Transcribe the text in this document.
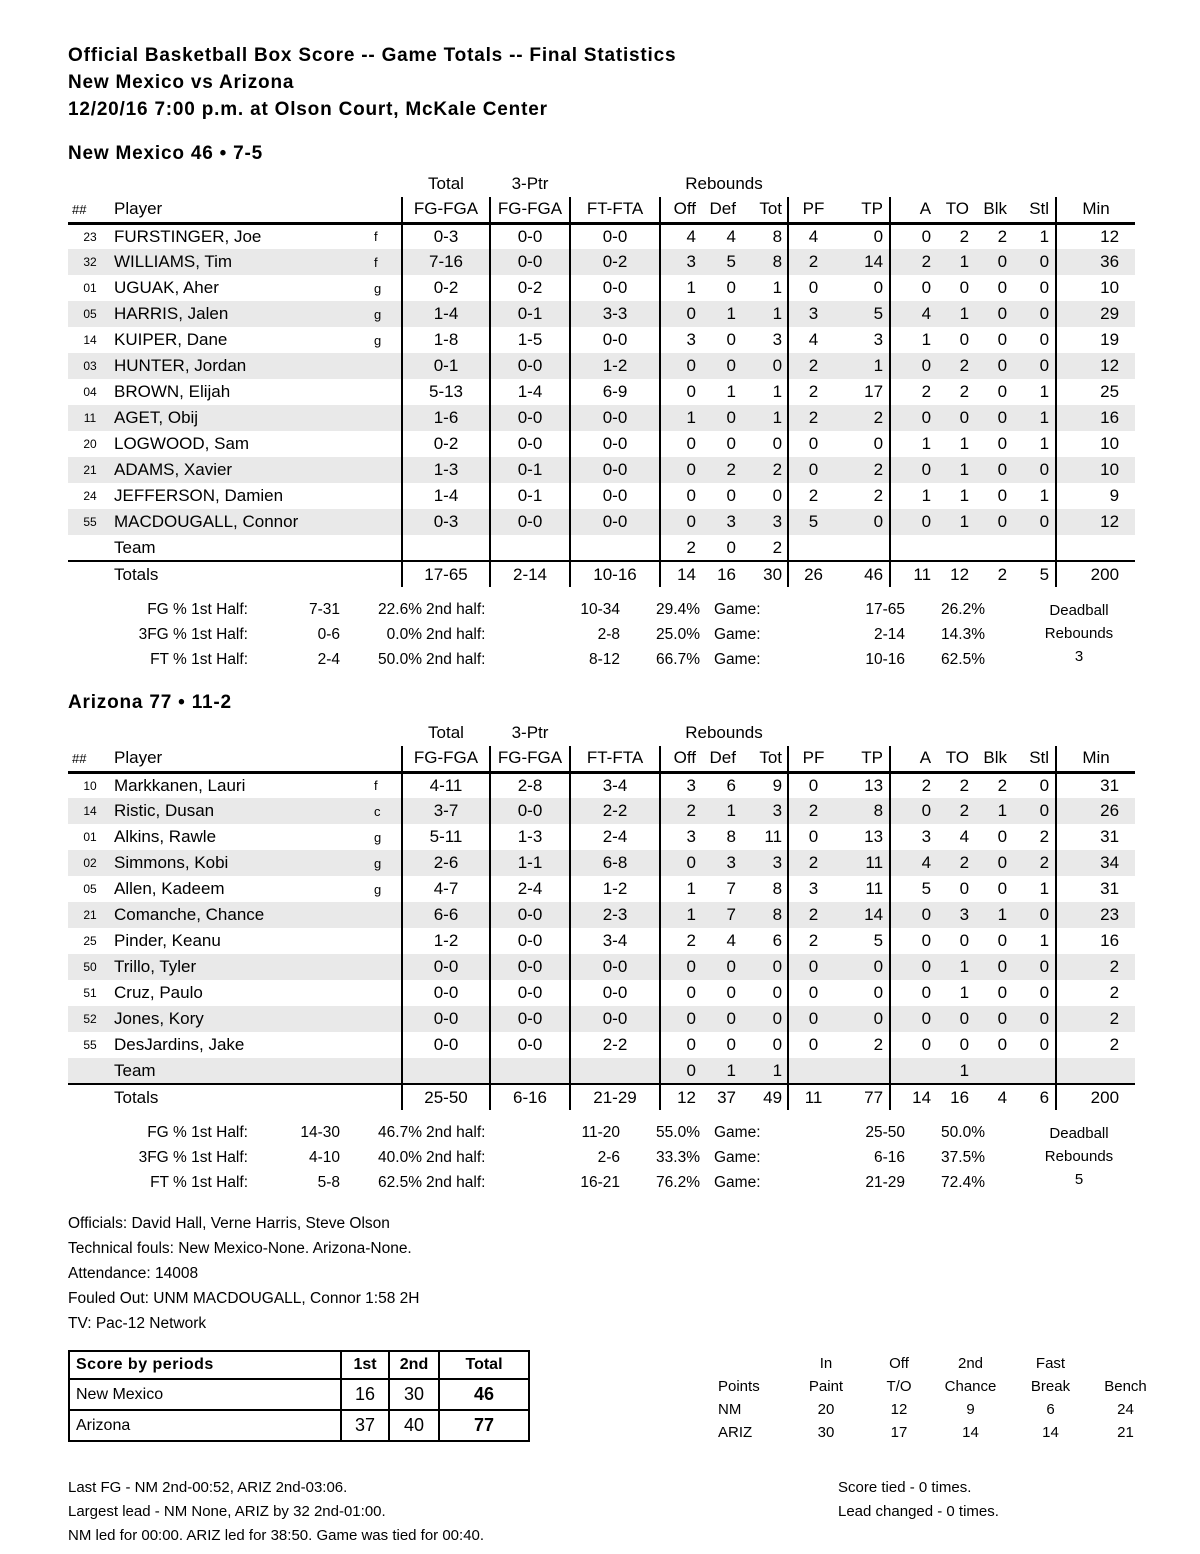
Official Basketball Box Score -- Game Totals -- Final Statistics
New Mexico vs Arizona
12/20/16 7:00 p.m. at Olson Court, McKale Center
New Mexico 46 • 7-5
			Total	3-Ptr		Rebounds									
##	Player		FG-FGA	FG-FGA	FT-FTA	Off	Def	Tot	PF	TP	A	TO	Blk	Stl	Min
23	FURSTINGER, Joe	f	0-3	0-0	0-0	4	4	8	4	0	0	2	2	1	12
32	WILLIAMS, Tim	f	7-16	0-0	0-2	3	5	8	2	14	2	1	0	0	36
01	UGUAK, Aher	g	0-2	0-2	0-0	1	0	1	0	0	0	0	0	0	10
05	HARRIS, Jalen	g	1-4	0-1	3-3	0	1	1	3	5	4	1	0	0	29
14	KUIPER, Dane	g	1-8	1-5	0-0	3	0	3	4	3	1	0	0	0	19
03	HUNTER, Jordan		0-1	0-0	1-2	0	0	0	2	1	0	2	0	0	12
04	BROWN, Elijah		5-13	1-4	6-9	0	1	1	2	17	2	2	0	1	25
11	AGET, Obij		1-6	0-0	0-0	1	0	1	2	2	0	0	0	1	16
20	LOGWOOD, Sam		0-2	0-0	0-0	0	0	0	0	0	1	1	0	1	10
21	ADAMS, Xavier		1-3	0-1	0-0	0	2	2	0	2	0	1	0	0	10
24	JEFFERSON, Damien		1-4	0-1	0-0	0	0	0	2	2	1	1	0	1	9
55	MACDOUGALL, Connor		0-3	0-0	0-0	0	3	3	5	0	0	1	0	0	12
	Team					2	0	2							
	Totals		17-65	2-14	10-16	14	16	30	26	46	11	12	2	5	200
FG % 1st Half:	7-31	22.6%	2nd half:	10-34	29.4%	Game:	17-65	26.2%
3FG % 1st Half:	0-6	0.0%	2nd half:	2-8	25.0%	Game:	2-14	14.3%
FT % 1st Half:	2-4	50.0%	2nd half:	8-12	66.7%	Game:	10-16	62.5%
Deadball
Rebounds
3
Arizona 77 • 11-2
			Total	3-Ptr		Rebounds									
##	Player		FG-FGA	FG-FGA	FT-FTA	Off	Def	Tot	PF	TP	A	TO	Blk	Stl	Min
10	Markkanen, Lauri	f	4-11	2-8	3-4	3	6	9	0	13	2	2	2	0	31
14	Ristic, Dusan	c	3-7	0-0	2-2	2	1	3	2	8	0	2	1	0	26
01	Alkins, Rawle	g	5-11	1-3	2-4	3	8	11	0	13	3	4	0	2	31
02	Simmons, Kobi	g	2-6	1-1	6-8	0	3	3	2	11	4	2	0	2	34
05	Allen, Kadeem	g	4-7	2-4	1-2	1	7	8	3	11	5	0	0	1	31
21	Comanche, Chance		6-6	0-0	2-3	1	7	8	2	14	0	3	1	0	23
25	Pinder, Keanu		1-2	0-0	3-4	2	4	6	2	5	0	0	0	1	16
50	Trillo, Tyler		0-0	0-0	0-0	0	0	0	0	0	0	1	0	0	2
51	Cruz, Paulo		0-0	0-0	0-0	0	0	0	0	0	0	1	0	0	2
52	Jones, Kory		0-0	0-0	0-0	0	0	0	0	0	0	0	0	0	2
55	DesJardins, Jake		0-0	0-0	2-2	0	0	0	0	2	0	0	0	0	2
	Team					0	1	1				1			
	Totals		25-50	6-16	21-29	12	37	49	11	77	14	16	4	6	200
FG % 1st Half:	14-30	46.7%	2nd half:	11-20	55.0%	Game:	25-50	50.0%
3FG % 1st Half:	4-10	40.0%	2nd half:	2-6	33.3%	Game:	6-16	37.5%
FT % 1st Half:	5-8	62.5%	2nd half:	16-21	76.2%	Game:	21-29	72.4%
Deadball
Rebounds
5
Officials: David Hall, Verne Harris, Steve Olson
Technical fouls: New Mexico-None. Arizona-None.
Attendance: 14008
Fouled Out: UNM MACDOUGALL, Connor 1:58 2H
TV: Pac-12 Network
Score by periods	1st	2nd	Total
New Mexico	16	30	46
Arizona	37	40	77
	In	Off	2nd	Fast	
Points	Paint	T/O	Chance	Break	Bench
NM	20	12	9	6	24
ARIZ	30	17	14	14	21
Last FG - NM 2nd-00:52, ARIZ 2nd-03:06.
Largest lead - NM None, ARIZ by 32 2nd-01:00.
NM led for 00:00. ARIZ led for 38:50. Game was tied for 00:40.
Score tied - 0 times.
Lead changed - 0 times.
